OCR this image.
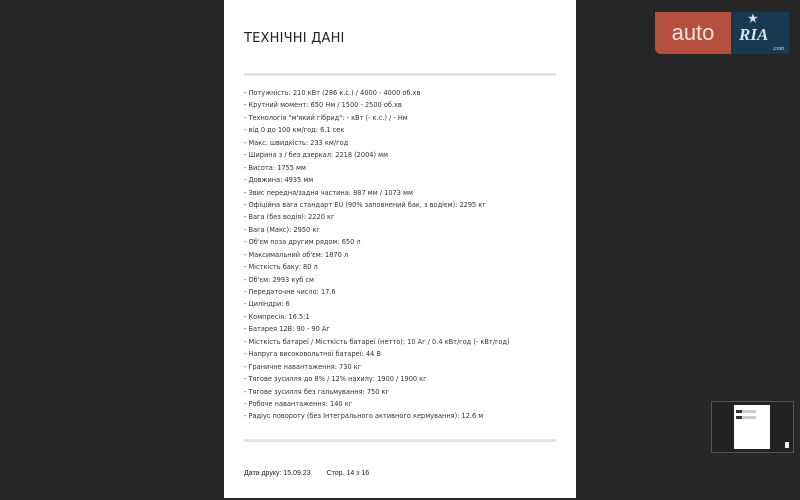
ТЕХНІЧНІ ДАНІ
- Потужність: 210 кВт (286 к.с.) / 4000 - 4000 об.хв
- Крутний момент: 650 Нм / 1500 - 2500 об.хв
- Технологія "м'який гібрид": - кВт (- к.с.) / - Нм
- від 0 до 100 км/год: 6.1 сек
- Макс. швидкість: 233 км/год
- Ширина з / без дзеркал: 2218 (2004) мм
- Висота: 1755 мм
- Довжина: 4935 мм
- Звис передня/задня частина: 887 мм / 1073 мм
- Офіційна вага стандарт EU (90% заповнений бак, з водієм): 2295 кг
- Вага (без водія): 2220 кг
- Вага (Макс): 2950 кг
- Об'єм поза другим рядом: 650 л
- Максимальний об'єм: 1870 л
- Місткість баку: 80 л
- Об'єм: 2993 куб см
- Передаточне число: 17.6
- Циліндри: 6
- Компресія: 16.5:1
- Батарея 12В: 90 - 90 Аг
- Місткість батареї / Місткість батареї (нетто): 10 Аг / 0.4 кВт/год (- кВт/год)
- Напруга високовольтної батареї: 44 В
- Граничне навантаження: 730 кг
- Тягове зусилля до 8% / 12% нахилу: 1900 / 1900 кг
- Тягове зусилля без гальмування: 750 кг
- Робоче навантаження: 140 кг
- Радіус повороту (без Інтегрального активного кермування): 12.6 м
Дата друку: 15.09.23 Стор. 14 з 16
auto
★
RIA
.com
